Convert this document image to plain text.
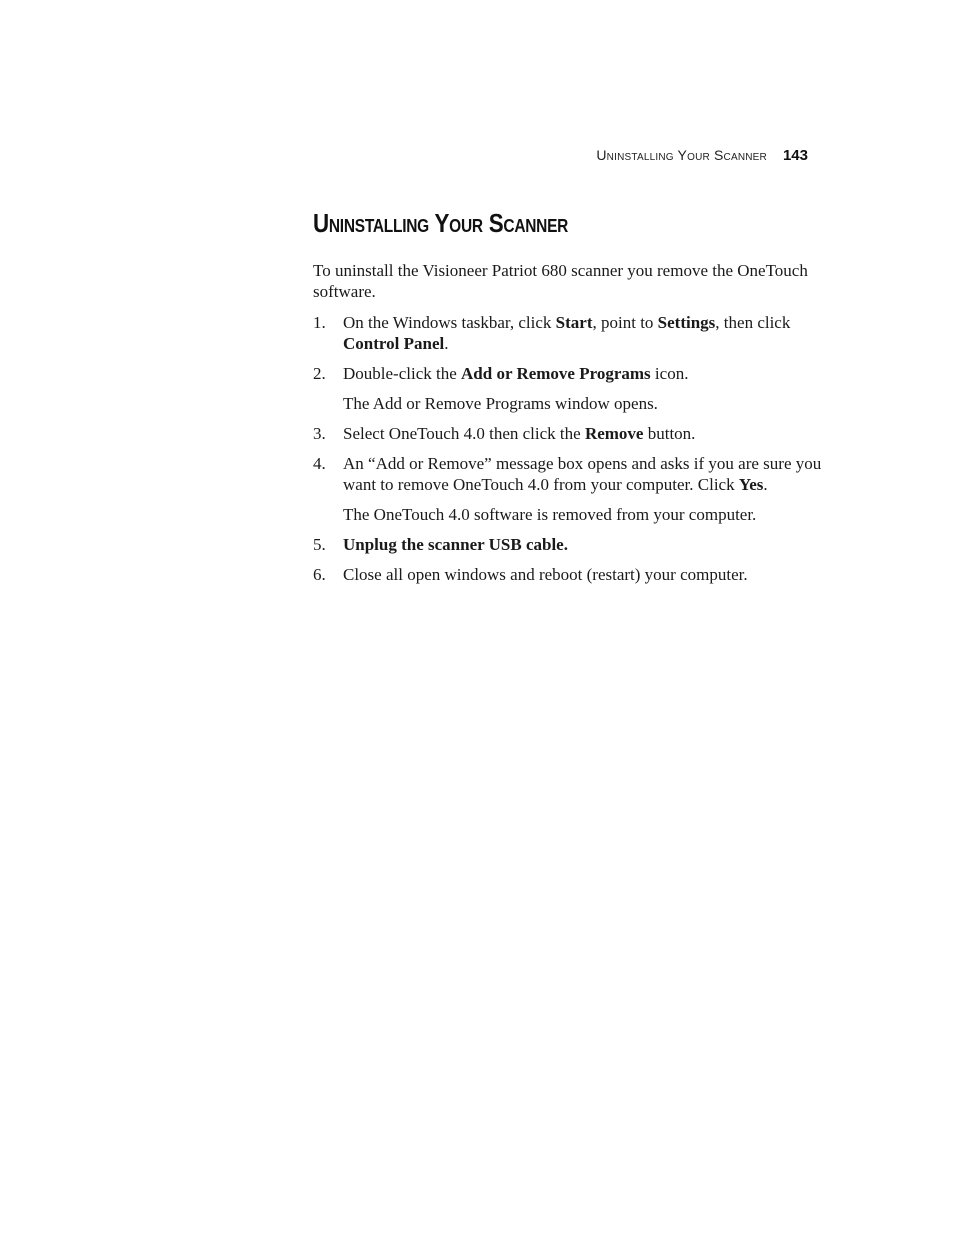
Uninstalling Your Scanner 143
Uninstalling Your Scanner

To uninstall the Visioneer Patriot 680 scanner you remove the OneTouch software.

1.	On the Windows taskbar, click Start, point to Settings, then click Control Panel.
2.	Double-click the Add or Remove Programs icon.

The Add or Remove Programs window opens.

3.	Select OneTouch 4.0 then click the Remove button.
4.	An “Add or Remove” message box opens and asks if you are sure you want to remove OneTouch 4.0 from your computer. Click Yes.

The OneTouch 4.0 software is removed from your computer.

5.	Unplug the scanner USB cable.
6.	Close all open windows and reboot (restart) your computer.
